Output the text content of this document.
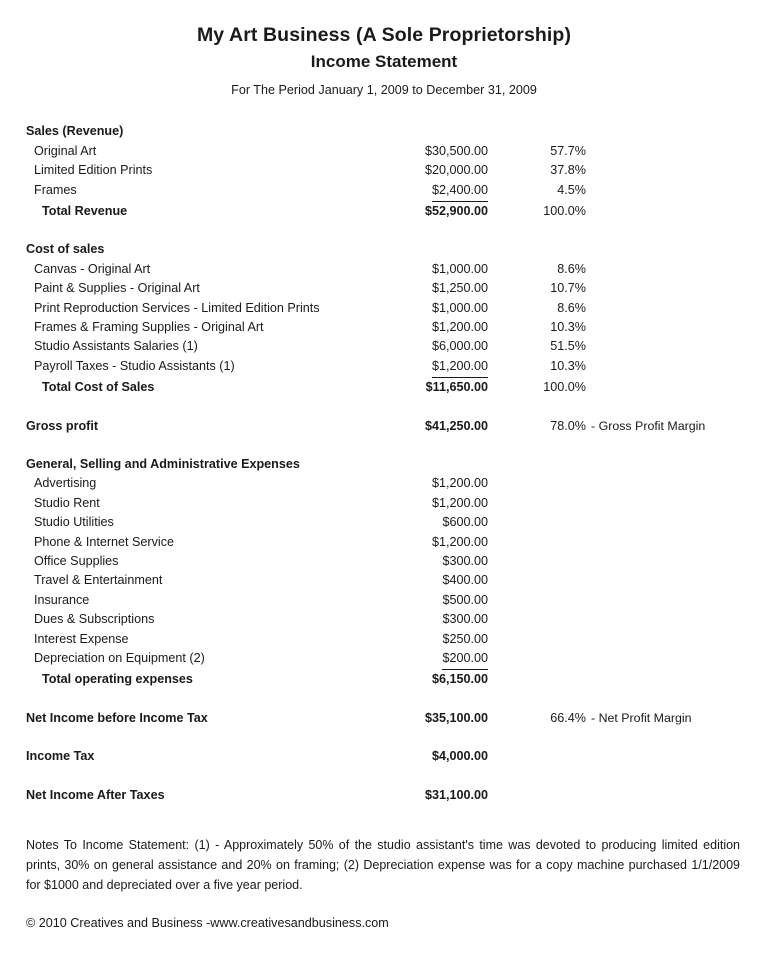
My Art Business (A Sole Proprietorship)
Income Statement
For The Period January 1, 2009 to December 31, 2009
Sales (Revenue)			
Original Art	$30,500.00	57.7%	
Limited Edition Prints	$20,000.00	37.8%	
Frames	$2,400.00	4.5%	
Total Revenue	$52,900.00	100.0%	

Cost of sales			
Canvas - Original Art	$1,000.00	8.6%	
Paint & Supplies - Original Art	$1,250.00	10.7%	
Print Reproduction Services - Limited Edition Prints	$1,000.00	8.6%	
Frames & Framing Supplies - Original Art	$1,200.00	10.3%	
Studio Assistants Salaries (1)	$6,000.00	51.5%	
Payroll Taxes - Studio Assistants (1)	$1,200.00	10.3%	
Total Cost of Sales	$11,650.00	100.0%	

Gross profit	$41,250.00	78.0%	- Gross Profit Margin

General, Selling and Administrative Expenses			
Advertising	$1,200.00		
Studio Rent	$1,200.00		
Studio Utilities	$600.00		
Phone & Internet Service	$1,200.00		
Office Supplies	$300.00		
Travel & Entertainment	$400.00		
Insurance	$500.00		
Dues & Subscriptions	$300.00		
Interest Expense	$250.00		
Depreciation on Equipment (2)	$200.00		
Total operating expenses	$6,150.00		

Net Income before Income Tax	$35,100.00	66.4%	- Net Profit Margin

Income Tax	$4,000.00		

Net Income After Taxes	$31,100.00		
Notes To Income Statement: (1) - Approximately 50% of the studio assistant's time was devoted to producing limited edition prints, 30% on general assistance and 20% on framing; (2) Depreciation expense was for a copy machine purchased 1/1/2009 for $1000 and depreciated over a five year period.
© 2010 Creatives and Business -www.creativesandbusiness.com
